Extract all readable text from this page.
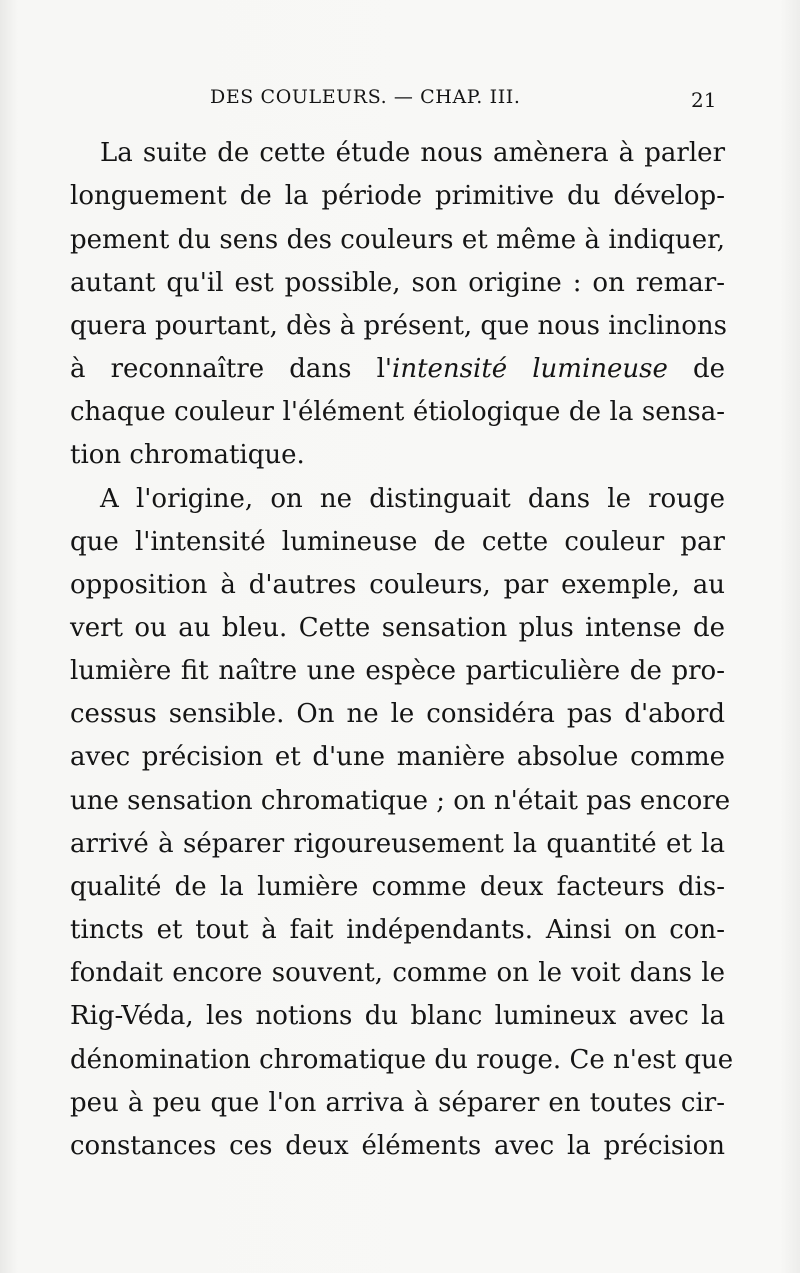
DES COULEURS. — CHAP. III.	21
La suite de cette étude nous amènera à parler
longuement de la période primitive du dévelop-
pement du sens des couleurs et même à indiquer,
autant qu'il est possible, son origine : on remar-
quera pourtant, dès à présent, que nous inclinons
à reconnaître dans l'intensité lumineuse de
chaque couleur l'élément étiologique de la sensa-
tion chromatique.
A l'origine, on ne distinguait dans le rouge
que l'intensité lumineuse de cette couleur par
opposition à d'autres couleurs, par exemple, au
vert ou au bleu. Cette sensation plus intense de
lumière fit naître une espèce particulière de pro-
cessus sensible. On ne le considéra pas d'abord
avec précision et d'une manière absolue comme
une sensation chromatique ; on n'était pas encore
arrivé à séparer rigoureusement la quantité et la
qualité de la lumière comme deux facteurs dis-
tincts et tout à fait indépendants. Ainsi on con-
fondait encore souvent, comme on le voit dans le
Rig-Véda, les notions du blanc lumineux avec la
dénomination chromatique du rouge. Ce n'est que
peu à peu que l'on arriva à séparer en toutes cir-
constances ces deux éléments avec la précision
